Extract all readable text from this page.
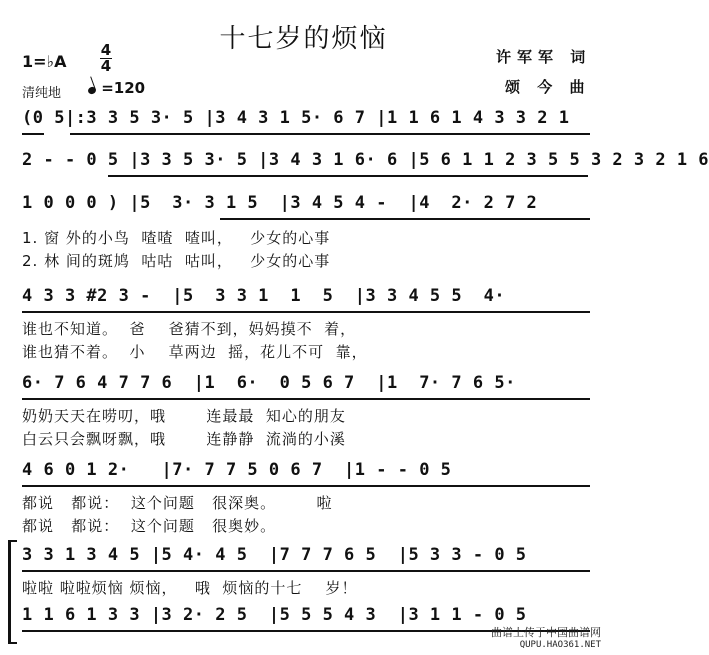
十七岁的烦恼
许军军 词
颂 今 曲
1=♭A
4
4
清纯地	=120
(0 5|:3 3 5 3· 5 |3 4 3 1 5· 6 7 |1 1 6 1 4 3 3 2 1
2 - - 0 5 |3 3 5 3· 5 |3 4 3 1 6· 6 |5 6 1 1 2 3 5 5 3 2 3 2 1 6
1 0 0 0 ) |5  3· 3 1 5  |3 4 5 4 -  |4  2· 2 7 2
1. 窗 外的小鸟  喳喳  喳叫，   少女的心事
2. 林 间的斑鸠  咕咕  咕叫，   少女的心事
4 3 3 #2 3 -  |5  3 3 1  1  5  |3 3 4 5 5  4·
谁也不知道。  爸    爸猜不到，妈妈摸不  着，
谁也猜不着。  小    草两边  摇，花儿不可  靠，
6· 7 6 4 7 7 6  |1  6·  0 5 6 7  |1  7· 7 6 5·
奶奶天天在唠叨，哦       连最最  知心的朋友
白云只会飘呀飘，哦       连静静  流淌的小溪
4 6 0 1 2·   |7· 7 7 5 0 6 7  |1 - - 0 5
都说   都说：  这个问题   很深奥。       啦
都说   都说：  这个问题   很奥妙。
3 3 1 3 4 5 |5 4· 4 5  |7 7 7 6 5  |5 3 3 - 0 5
啦啦 啦啦烦恼 烦恼，   哦  烦恼的十七    岁！
1 1 6 1 3 3 |3 2· 2 5  |5 5 5 4 3  |3 1 1 - 0 5
曲谱上传于中国曲谱网
QUPU.HAO361.NET
